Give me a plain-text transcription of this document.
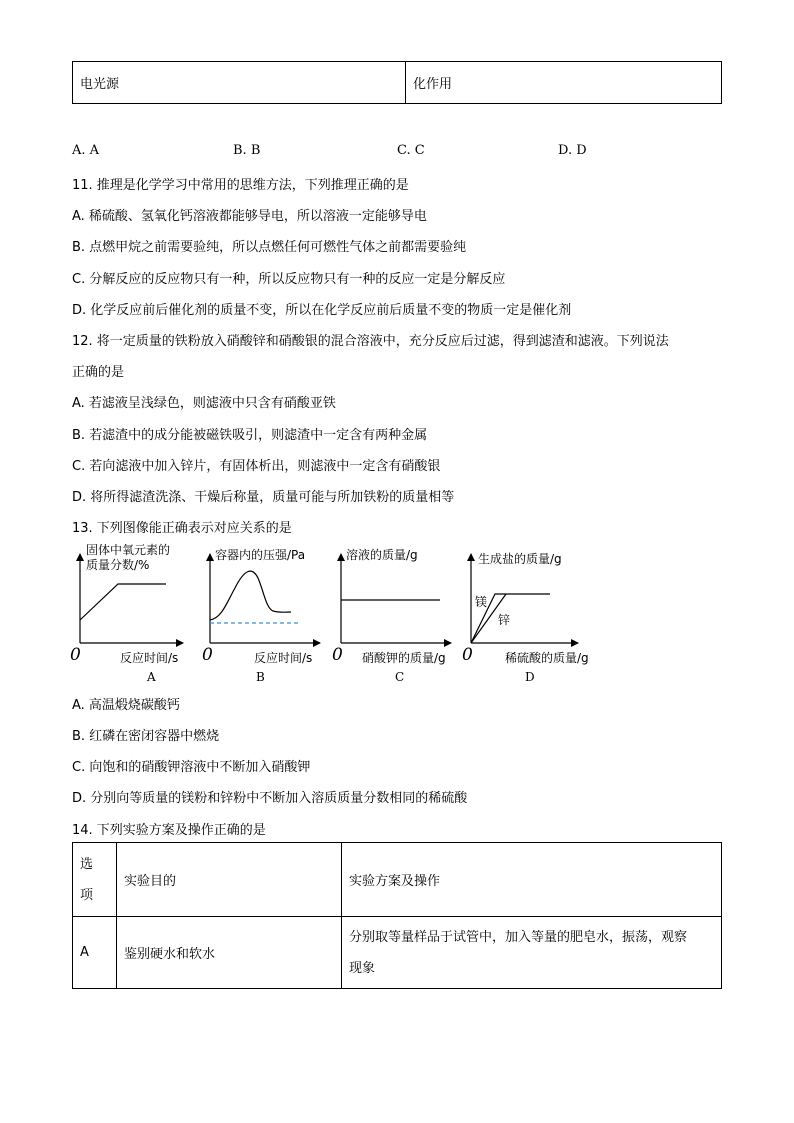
电光源	化作用
A. A	B. B	C. C	D. D
11. 推理是化学学习中常用的思维方法，下列推理正确的是
A. 稀硫酸、氢氧化钙溶液都能够导电，所以溶液一定能够导电
B. 点燃甲烷之前需要验纯，所以点燃任何可燃性气体之前都需要验纯
C. 分解反应的反应物只有一种，所以反应物只有一种的反应一定是分解反应
D. 化学反应前后催化剂的质量不变，所以在化学反应前后质量不变的物质一定是催化剂
12. 将一定质量的铁粉放入硝酸锌和硝酸银的混合溶液中，充分反应后过滤，得到滤渣和滤液。下列说法
正确的是
A. 若滤液呈浅绿色，则滤液中只含有硝酸亚铁
B. 若滤渣中的成分能被磁铁吸引，则滤渣中一定含有两种金属
C. 若向滤液中加入锌片，有固体析出，则滤液中一定含有硝酸银
D. 将所得滤渣洗涤、干燥后称量，质量可能与所加铁粉的质量相等
13. 下列图像能正确表示对应关系的是
固体中氧元素的
质量分数/%
0	反应时间/s
A
容器内的压强/Pa
0	反应时间/s
B
溶液的质量/g
0 硝酸钾的质量/g
C
生成盐的质量/g
镁
锌
0	稀硫酸的质量/g
D
A. 高温煅烧碳酸钙
B. 红磷在密闭容器中燃烧
C. 向饱和的硝酸钾溶液中不断加入硝酸钾
D. 分别向等质量的镁粉和锌粉中不断加入溶质质量分数相同的稀硫酸
14. 下列实验方案及操作正确的是
选
项	实验目的	实验方案及操作
A	鉴别硬水和软水	分别取等量样品于试管中，加入等量的肥皂水，振荡，观察
现象
